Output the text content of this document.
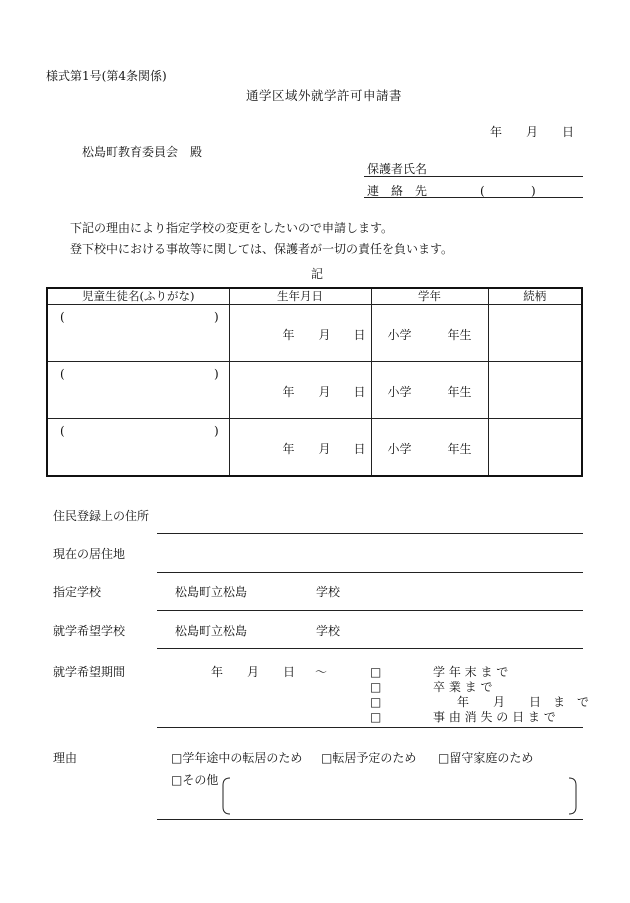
様式第1号(第4条関係)
通学区域外就学許可申請書
年 月 日
松島町教育委員会　殿
保護者氏名
連　絡　先	(	)
下記の理由により指定学校の変更をしたいので申請します。
登下校中における事故等に関しては、保護者が一切の責任を負います。
記
児童生徒名(ふりがな)	生年月日	学年	続柄

( )	年 月 日	小学 年生	

( )	年 月 日	小学 年生	

( )	年 月 日	小学 年生	

住民登録上の住所
現在の居住地
指定学校	松島町立松島	学校
就学希望学校	松島町立松島	学校
就学希望期間	年 月 日 ～	□	学 年 末 ま で
□	卒 業 ま で
□	年　　月　　日　ま　で
□	事 由 消 失 の 日 ま で
理由	□学年途中の転居のため □転居予定のため □留守家庭のため
□その他
